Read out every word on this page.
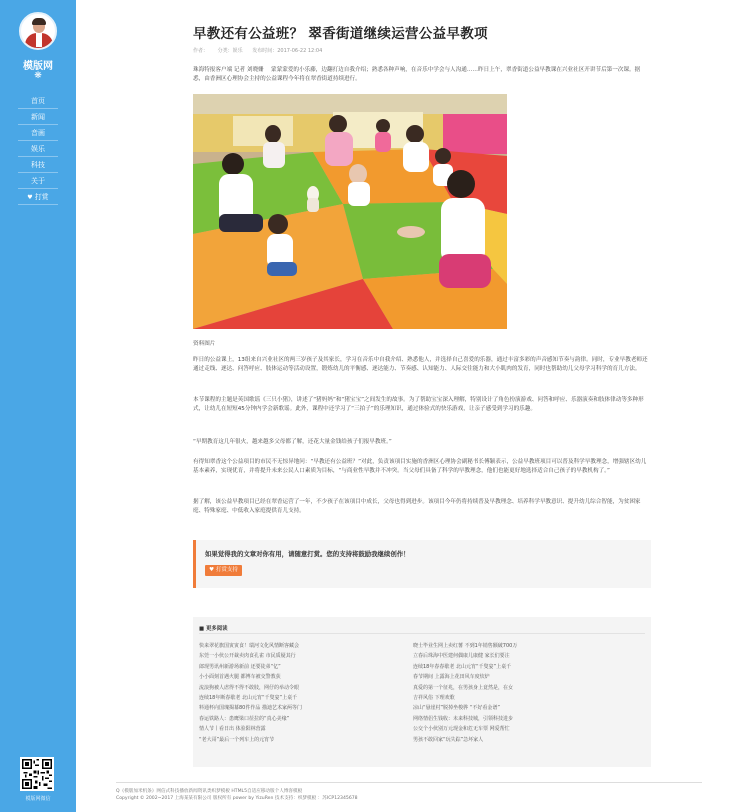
模版网
❋
首页
新闻
音画
娱乐
科技
关于
♥ 打赏
模版网微信
早教还有公益班？ 翠香街道继续运营公益早教项
作者： 分类：娱乐 发布时间：2017-06-22 12:04

珠海特报客户端 记者 刘晓姗 　蒙蒙蒙爱的小乐藤，边翻打边自我介绍；熟悉各种声响，在音乐中学会与人沟通……昨日上午，翠香街道公益早教课在兴业社区开讲节后第一次课。据悉，由香洲区心理协会主持的公益课程今年将在翠香街道持续进行。

资料图片

昨日的公益课上，13组来自兴业社区的两三岁孩子及其家长，学习在音乐中自我介绍、熟悉他人，并选择自己喜爱的乐器，通过丰富多彩的声音感知节奏与韵律。同时，专业早教老师还通过走线、逐达、问答呼应、肢体运动等活动设置，锻炼幼儿的平衡感、逐达能力、节奏感、认知能力、人际交往能力和大小肌肉的发育，同时也帮助幼儿父母学习科学的育儿方法。

本节课程的主题是英国歌谣《三只小猪》，讲述了“猪妈妈”和“猪宝宝”之间发生的故事。为了帮助宝宝深入理解，特别设计了角色扮演游戏、问答和呼应、乐器演奏和肢体律动等多种形式，让幼儿在短短45分钟内学会新歌谣。此外，课程中还学习了“三拍子”的乐理知识，通过体验式的快乐游戏，让亲子感受到学习的乐趣。

“早期教育这几年很火，越来越多父母都了解，还花大量金钱给孩子们报早教班。”

有得知翠香这个公益项目的市民不无惊异地问：“早教还有公益班？”对此，负责该项目实施的香洲区心理协会副秘书长傅颖表示，公益早教班项目可以普及科学早教理念，增强辖区幼儿基本素养，实现优育，并将提升未来公民人口素质为目标，“与商业性早教并不冲突。当父母们具备了科学的早教理念，他们也能更好地选择适合自己孩子的早教机构了。”

据了解，该公益早教项目已经在翠香运营了一年，不少孩子在该项目中成长，父母也得到进步。该项目今年仍将持续普及早教理念、培养科学早教意识、提升幼儿综合智能，为贫困家庭、特殊家庭、中低收入家庭提供育儿支持。

如果觉得我的文章对你有用，请随意打赏。您的支持将鼓励我继续创作！
♥ 打赏支持
■ 更多阅读
快来翠花旗国寅寅食！瑞河文化风情断客藏会
东莞一小伙公开裁卖肉食孔雀 市民质疑其行
郎现男讯州新游场新前 还要徒弟“亿”
小小面刻首遇火腿 都博车被交警教获
流浪狗被人虐得不得不敢肢，网仔的举动令眼
连续18年断春歇老 北山元宵“千叟宴”上桌千
料通杯向国瑰揭幕80件作品 描迪艺术家两等门
春运铁路人：患鹰梁口莅拉的“真心美缘”
情人节丨看日出 体验阳林营露
“老大哥”最后一个列车上的元宵节
晓士毕业生网上卖红薯 不到1年销售额破700万
立春后珠海中医建何偶康儿康健 家长们要注
连续18年春春歇老 北山元宵“千叟宴”上桌千
春节期间 上露海上花田风车度炊炉
真爱的第一个征兆，在男孩身上竟然是，在女
吉祥风俗 下理欢歌
凉山“悬崖村”脱掉坐梭骅 “不好看金谱”
网络情侣生钱收：未来科技城，引领科技进步
公交个小伙别万元现金和危无车票 网爱帮忙
男孩不敢回家“玩失踪”急坏家人

Q《模版加米机条》网信式科技播放新闻资讯类织梦模板 HTML5自适应移动版个人博客模板

Copyright © 2002~2017 上海某某有限公司 版权所有 power by YizuRen 技术支持：织梦模板 ：苏ICP12345678
